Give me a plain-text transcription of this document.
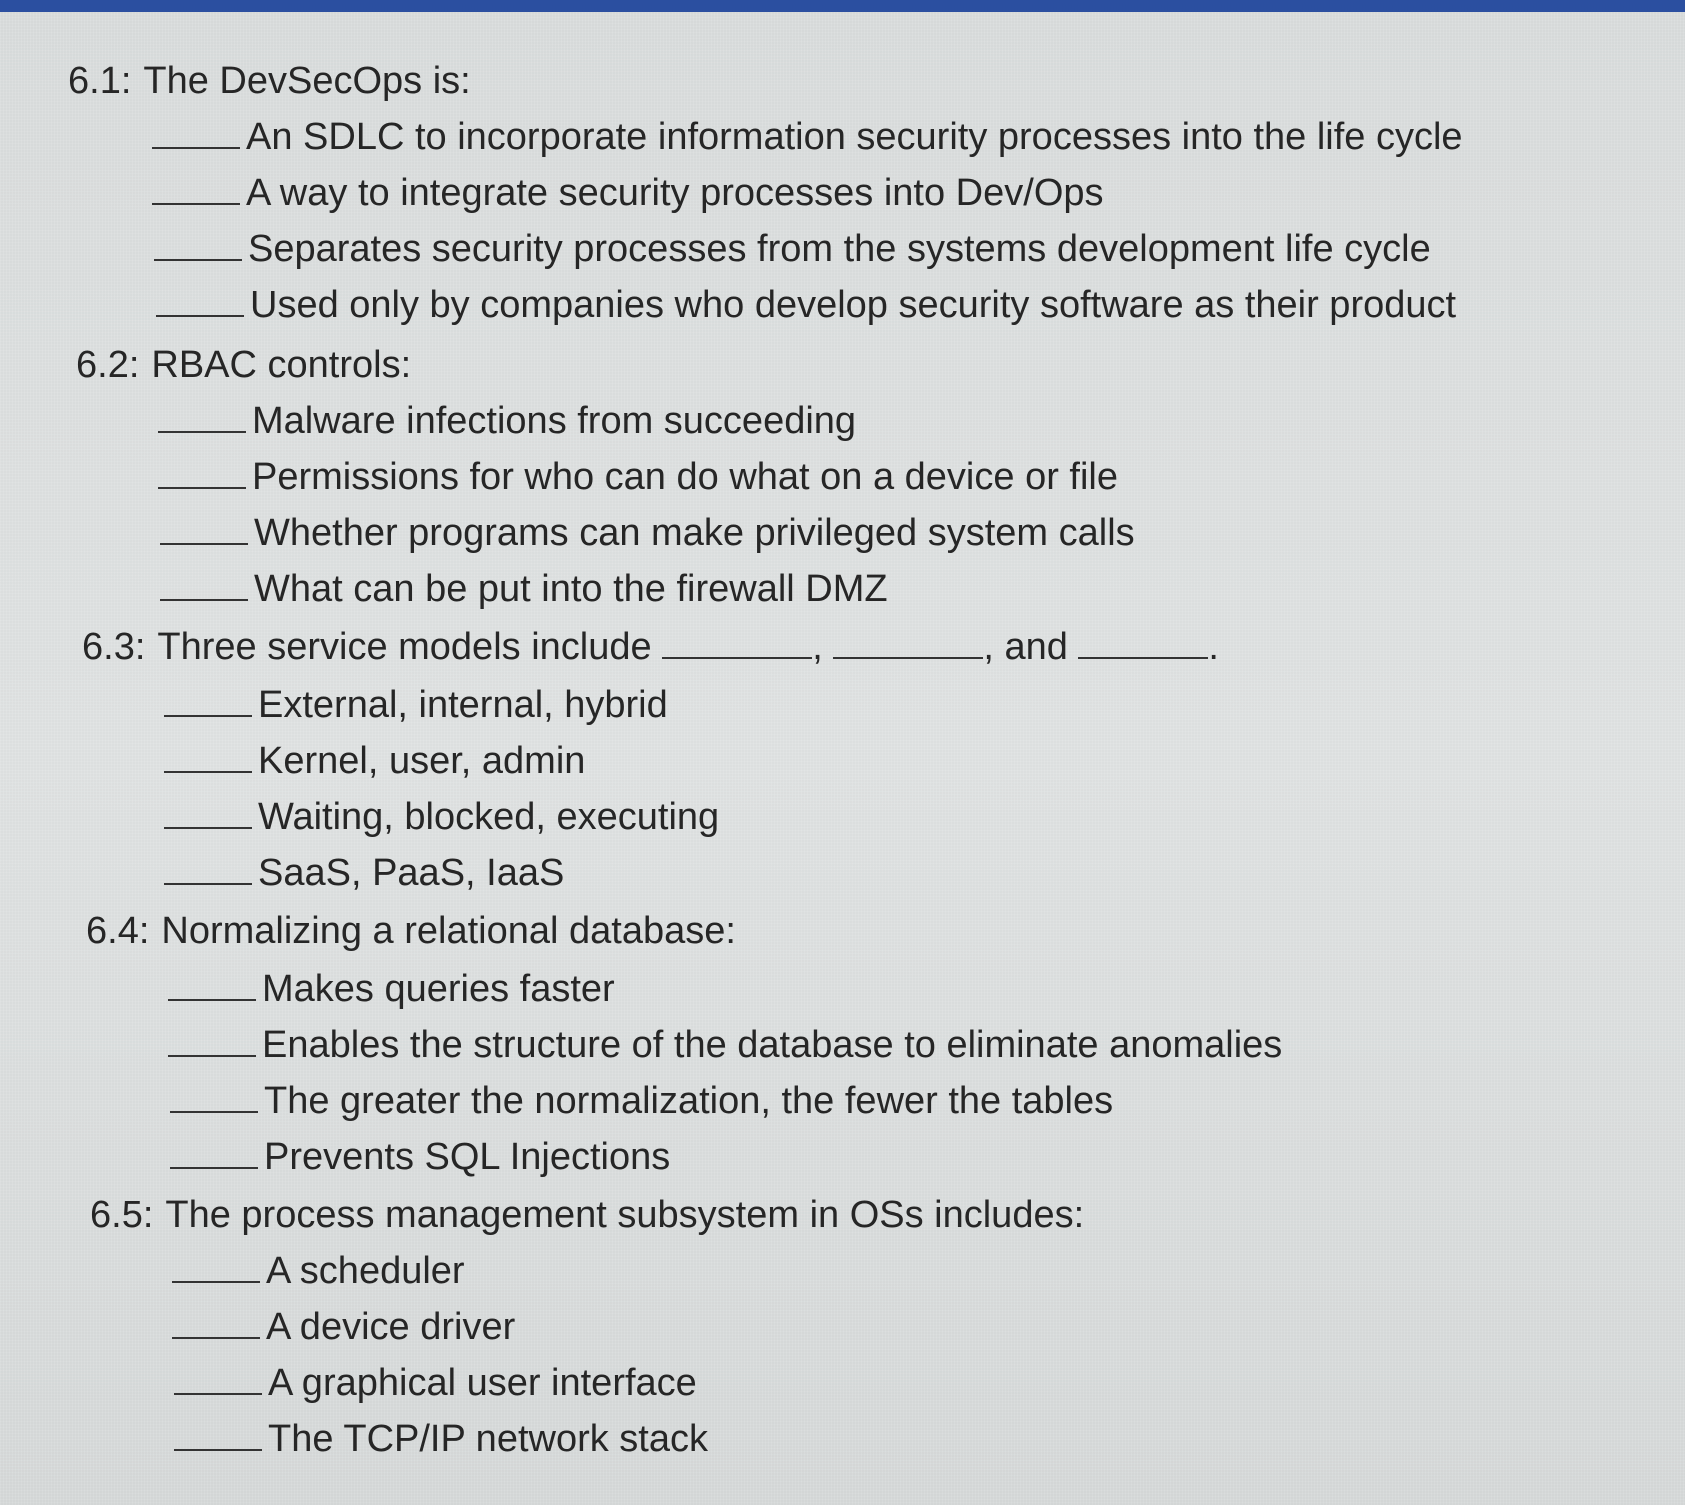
6.1: The DevSecOps is:
An SDLC to incorporate information security processes into the life cycle
A way to integrate security processes into Dev/Ops
Separates security processes from the systems development life cycle
Used only by companies who develop security software as their product
6.2: RBAC controls:
Malware infections from succeeding
Permissions for who can do what on a device or file
Whether programs can make privileged system calls
What can be put into the firewall DMZ
6.3: Three service models include	,	, and	.
External, internal, hybrid
Kernel, user, admin
Waiting, blocked, executing
SaaS, PaaS, IaaS
6.4: Normalizing a relational database:
Makes queries faster
Enables the structure of the database to eliminate anomalies
The greater the normalization, the fewer the tables
Prevents SQL Injections
6.5: The process management subsystem in OSs includes:
A scheduler
A device driver
A graphical user interface
The TCP/IP network stack
